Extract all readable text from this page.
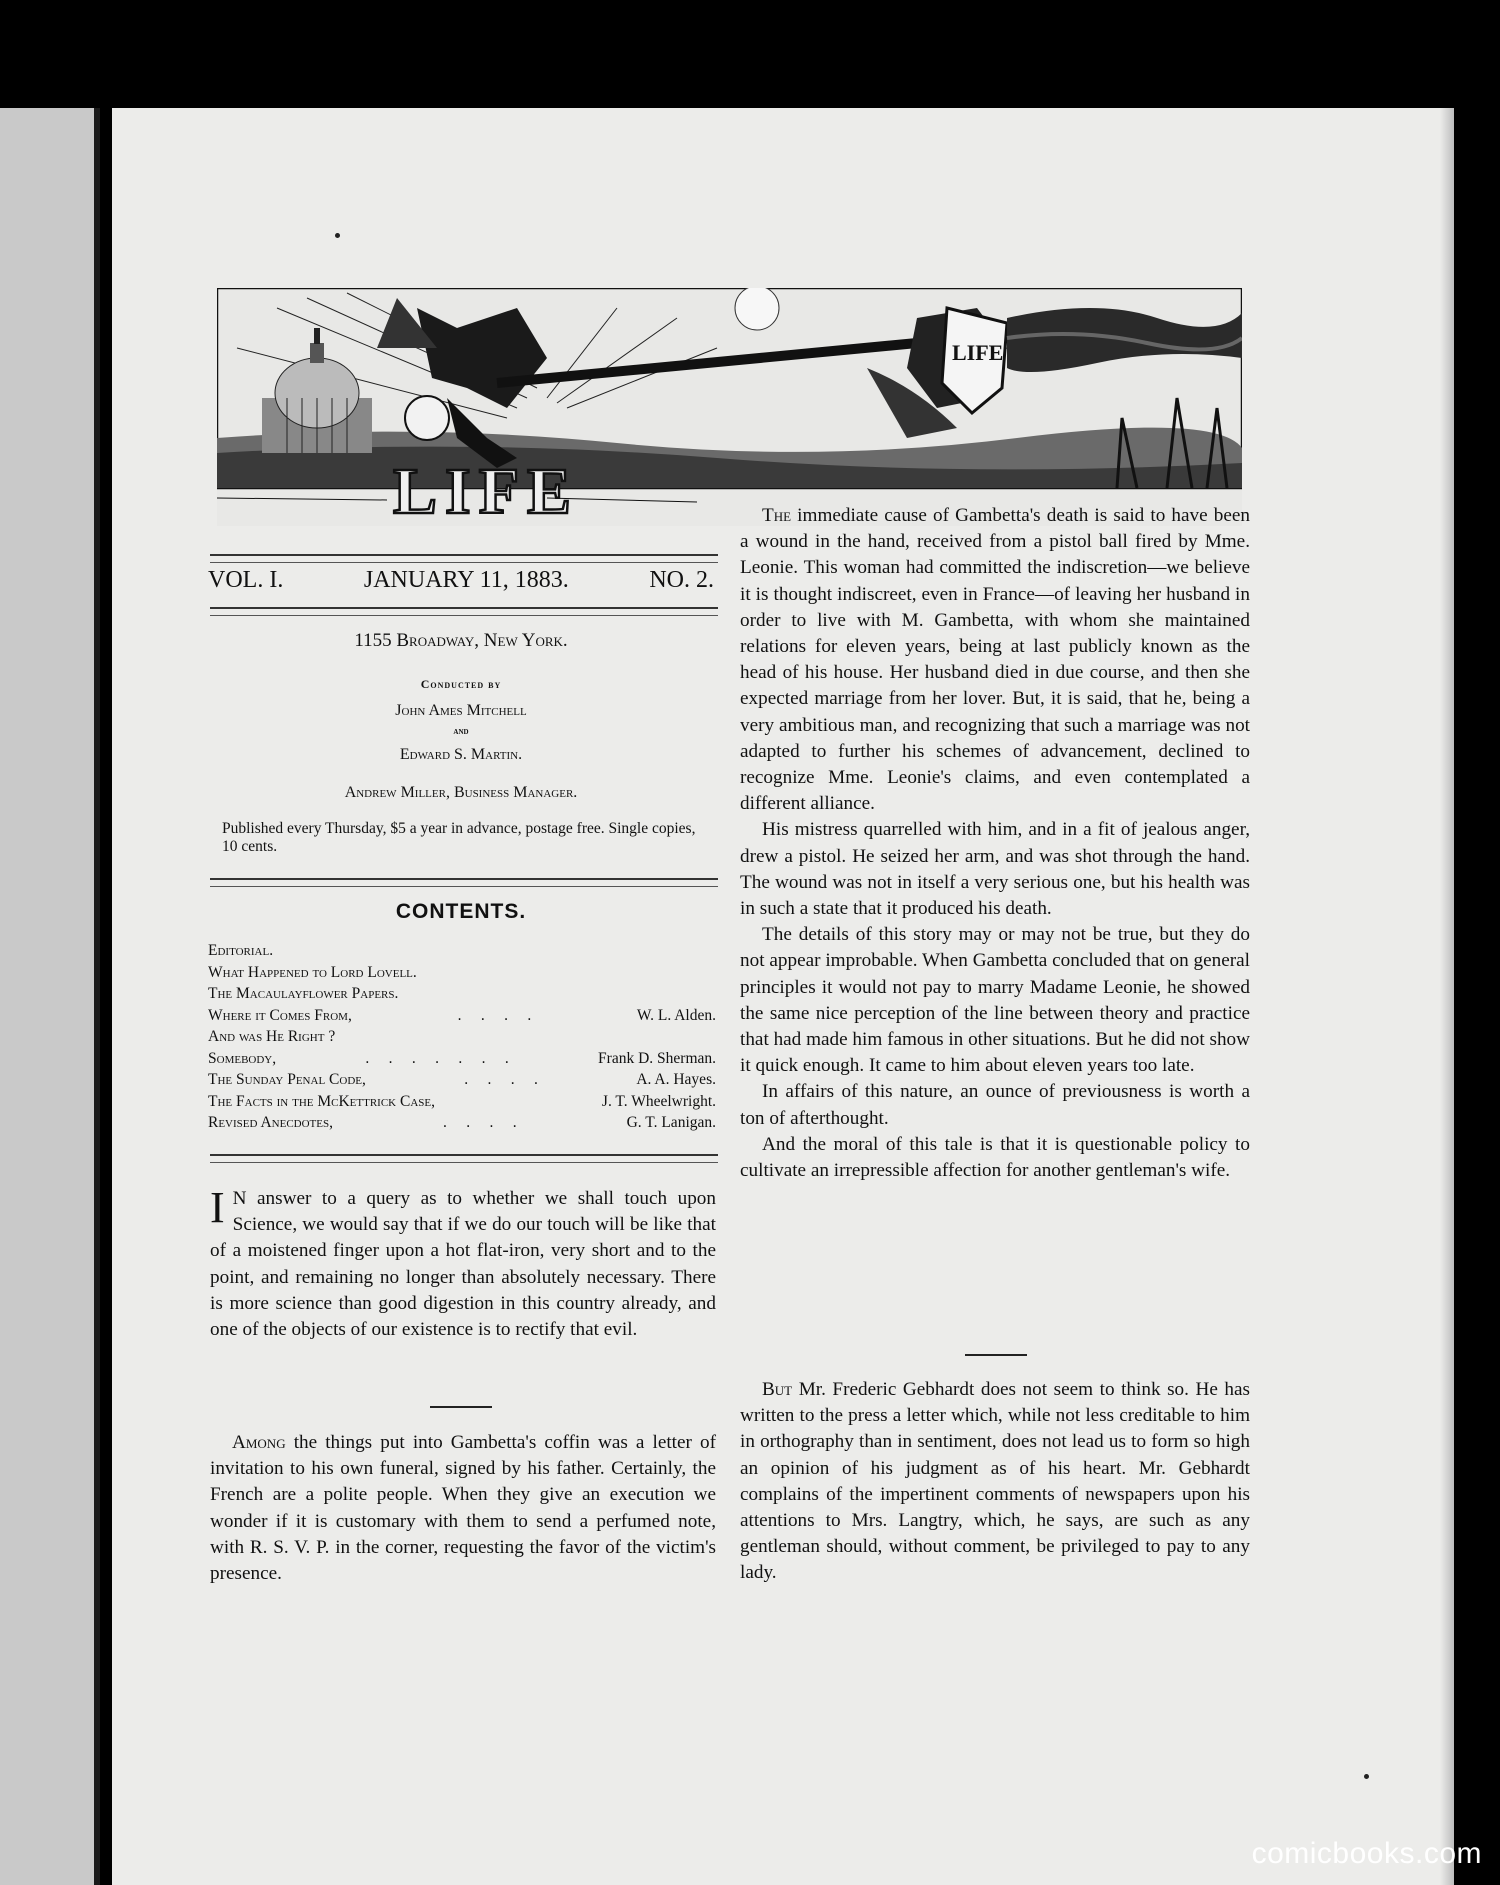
LIFE
LIFE
VOL. I.	JANUARY 11, 1883.	NO. 2.
1155 Broadway, New York.
Conducted by
John Ames Mitchell
and
Edward S. Martin.
Andrew Miller, Business Manager.
Published every Thursday, $5 a year in advance, postage free. Single copies, 10 cents.
CONTENTS.
Editorial.
What Happened to Lord Lovell.
The Macaulayflower Papers.
Where it Comes From,	.     .     .     .	W. L. Alden.
And was He Right ?
Somebody,	.     .     .     .     .     .     .	Frank D. Sherman.
The Sunday Penal Code,	.     .     .     .	A. A. Hayes.
The Facts in the McKettrick Case,	J. T. Wheelwright.
Revised Anecdotes,	.     .     .     .	G. T. Lanigan.

I N answer to a query as to whether we shall touch upon Science, we would say that if we do our touch will be like that of a moistened finger upon a hot flat-iron, very short and to the point, and remaining no longer than absolutely necessary. There is more science than good digestion in this country already, and one of the objects of our existence is to rectify that evil.

Among the things put into Gambetta's coffin was a letter of invitation to his own funeral, signed by his father. Certainly, the French are a polite people. When they give an execution we wonder if it is customary with them to send a perfumed note, with R. S. V. P. in the corner, requesting the favor of the victim's presence.

The immediate cause of Gambetta's death is said to have been a wound in the hand, received from a pistol ball fired by Mme. Leonie. This woman had committed the indiscretion—we believe it is thought indiscreet, even in France—of leaving her husband in order to live with M. Gambetta, with whom she maintained relations for eleven years, being at last publicly known as the head of his house. Her husband died in due course, and then she expected marriage from her lover. But, it is said, that he, being a very ambitious man, and recognizing that such a marriage was not adapted to further his schemes of advancement, declined to recognize Mme. Leonie's claims, and even contemplated a different alliance.

His mistress quarrelled with him, and in a fit of jealous anger, drew a pistol. He seized her arm, and was shot through the hand. The wound was not in itself a very serious one, but his health was in such a state that it produced his death.

The details of this story may or may not be true, but they do not appear improbable. When Gambetta concluded that on general principles it would not pay to marry Madame Leonie, he showed the same nice perception of the line between theory and practice that had made him famous in other situations. But he did not show it quick enough. It came to him about eleven years too late.

In affairs of this nature, an ounce of previousness is worth a ton of afterthought.

And the moral of this tale is that it is questionable policy to cultivate an irrepressible affection for another gentleman's wife.

But Mr. Frederic Gebhardt does not seem to think so. He has written to the press a letter which, while not less creditable to him in orthography than in sentiment, does not lead us to form so high an opinion of his judgment as of his heart. Mr. Gebhardt complains of the impertinent comments of newspapers upon his attentions to Mrs. Langtry, which, he says, are such as any gentleman should, without comment, be privileged to pay to any lady.

comicbooks.com
